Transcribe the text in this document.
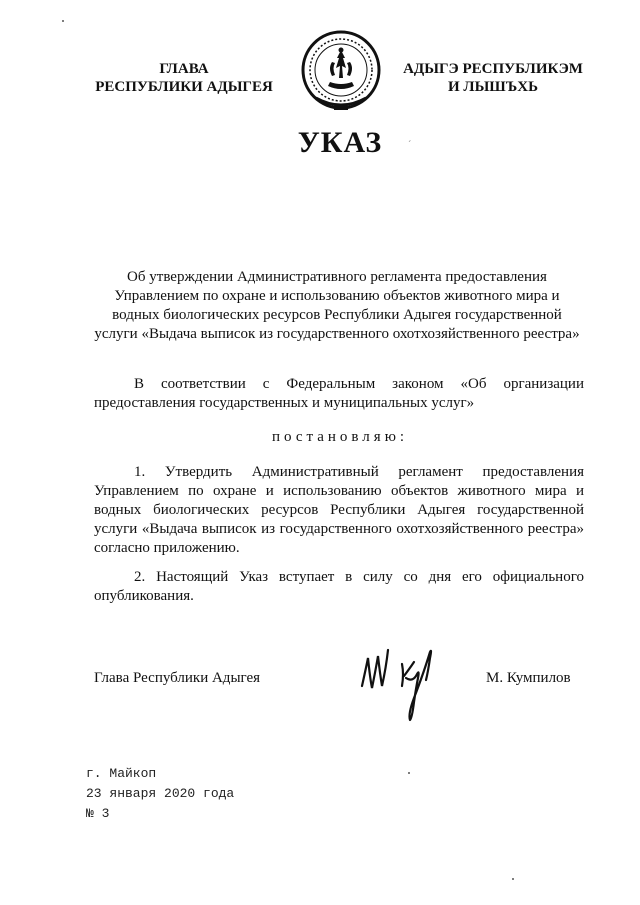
ГЛАВА
РЕСПУБЛИКИ АДЫГЕЯ
АДЫГЭ РЕСПУБЛИКЭМ
И ЛЫШЪХЬ
УКАЗ	ˊ
Об утверждении Административного регламента предоставления
Управлением по охране и использованию объектов животного мира и
водных биологических ресурсов Республики Адыгея государственной
услуги «Выдача выписок из государственного охотхозяйственного реестра»
В соответствии с Федеральным законом «Об организации предоставления государственных и муниципальных услуг»
постановляю:
1. Утвердить Административный регламент предоставления Управлением по охране и использованию объектов животного мира и водных биологических ресурсов Республики Адыгея государственной услуги «Выдача выписок из государственного охотхозяйственного реестра» согласно приложению.
2. Настоящий Указ вступает в силу со дня его официального опубликования.
Глава Республики Адыгея	М. Кумпилов
г. Майкоп
23 января 2020 года
№ 3
